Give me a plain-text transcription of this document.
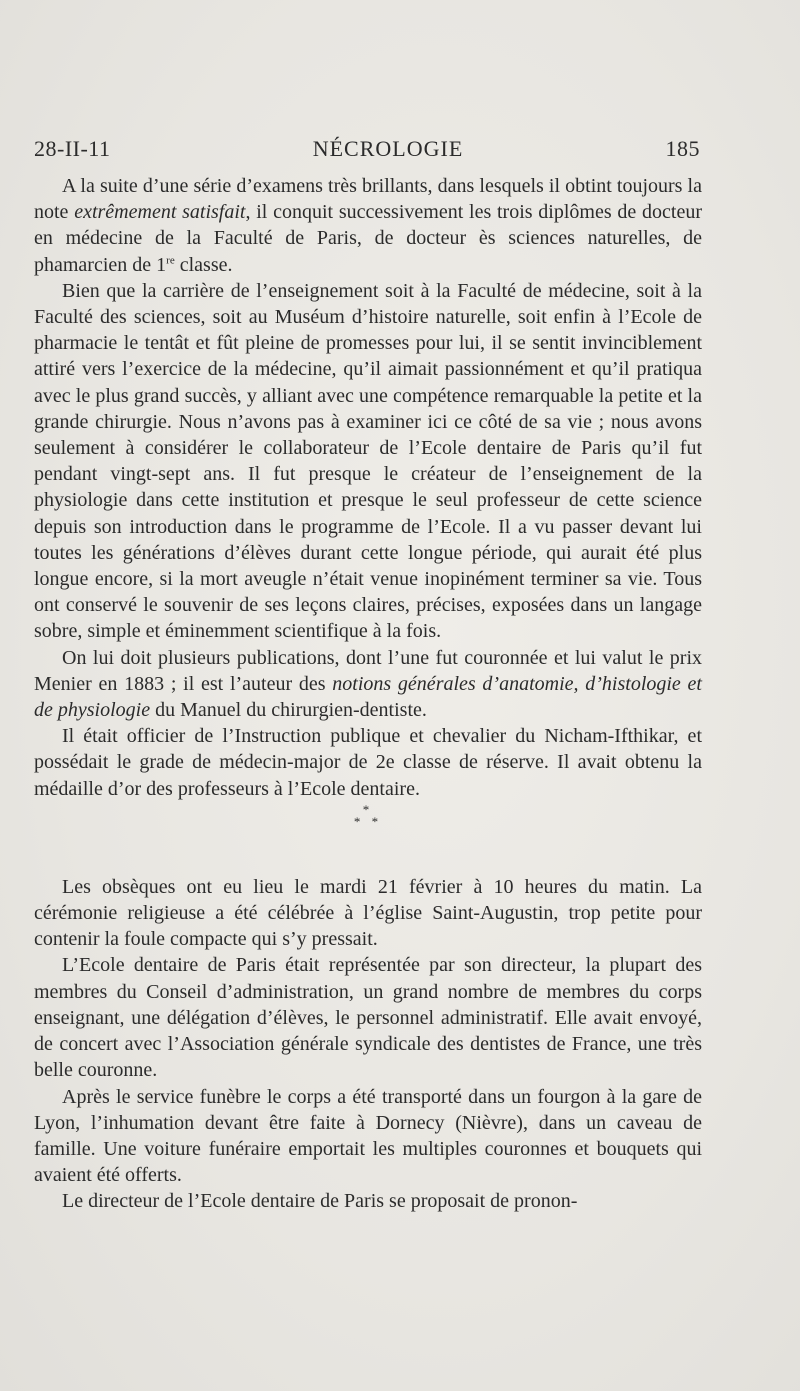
28-II-11	NÉCROLOGIE	185

A la suite d’une série d’examens très brillants, dans lesquels il obtint toujours la note extrêmement satisfait, il conquit successivement les trois diplômes de docteur en médecine de la Faculté de Paris, de docteur ès sciences naturelles, de phamarcien de 1re classe.

Bien que la carrière de l’enseignement soit à la Faculté de médecine, soit à la Faculté des sciences, soit au Muséum d’histoire naturelle, soit enfin à l’Ecole de pharmacie le tentât et fût pleine de promesses pour lui, il se sentit invinciblement attiré vers l’exercice de la médecine, qu’il aimait passionnément et qu’il pratiqua avec le plus grand succès, y alliant avec une compétence remarquable la petite et la grande chirurgie. Nous n’avons pas à examiner ici ce côté de sa vie ; nous avons seulement à considérer le collaborateur de l’Ecole dentaire de Paris qu’il fut pendant vingt-sept ans. Il fut presque le créateur de l’enseignement de la physiologie dans cette institution et presque le seul professeur de cette science depuis son introduction dans le programme de l’Ecole. Il a vu passer devant lui toutes les générations d’élèves durant cette longue période, qui aurait été plus longue encore, si la mort aveugle n’était venue inopinément terminer sa vie. Tous ont conservé le souvenir de ses leçons claires, précises, exposées dans un langage sobre, simple et éminemment scientifique à la fois.

On lui doit plusieurs publications, dont l’une fut couronnée et lui valut le prix Menier en 1883 ; il est l’auteur des notions générales d’anatomie, d’histologie et de physiologie du Manuel du chirurgien-dentiste.

Il était officier de l’Instruction publique et chevalier du Nicham-Ifthikar, et possédait le grade de médecin-major de 2e classe de réserve. Il avait obtenu la médaille d’or des professeurs à l’Ecole dentaire.

*
* *

Les obsèques ont eu lieu le mardi 21 février à 10 heures du matin. La cérémonie religieuse a été célébrée à l’église Saint-Augustin, trop petite pour contenir la foule compacte qui s’y pressait.

L’Ecole dentaire de Paris était représentée par son directeur, la plupart des membres du Conseil d’administration, un grand nombre de membres du corps enseignant, une délégation d’élèves, le personnel administratif. Elle avait envoyé, de concert avec l’Association générale syndicale des dentistes de France, une très belle couronne.

Après le service funèbre le corps a été transporté dans un fourgon à la gare de Lyon, l’inhumation devant être faite à Dornecy (Nièvre), dans un caveau de famille. Une voiture funéraire emportait les multiples couronnes et bouquets qui avaient été offerts.

Le directeur de l’Ecole dentaire de Paris se proposait de pronon-
